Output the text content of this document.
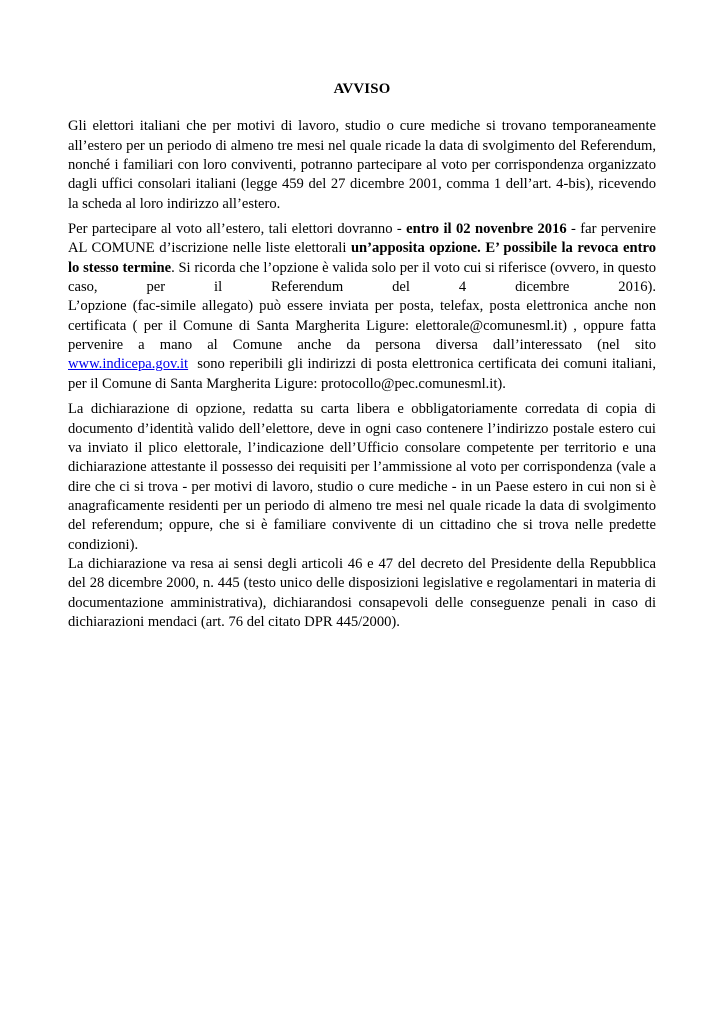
AVVISO

Gli elettori italiani che per motivi di lavoro, studio o cure mediche si trovano temporaneamente all’estero per un periodo di almeno tre mesi nel quale ricade la data di svolgimento del Referendum, nonché i familiari con loro conviventi, potranno partecipare al voto per corrispondenza organizzato dagli uffici consolari italiani (legge 459 del 27 dicembre 2001, comma 1 dell’art. 4-bis), ricevendo la scheda al loro indirizzo all’estero.

Per partecipare al voto all’estero, tali elettori dovranno - entro il 02 novenbre 2016 - far pervenire AL COMUNE d’iscrizione nelle liste elettorali un’apposita opzione. E’ possibile la revoca entro lo stesso termine. Si ricorda che l’opzione è valida solo per il voto cui si riferisce (ovvero, in questo caso, per il Referendum del 4 dicembre 2016).

L’opzione (fac-simile allegato) può essere inviata per posta, telefax, posta elettronica anche non certificata ( per il Comune di Santa Margherita Ligure: elettorale@comunesml.it) , oppure fatta pervenire a mano al Comune anche da persona diversa dall’interessato (nel sito www.indicepa.gov.it  sono reperibili gli indirizzi di posta elettronica certificata dei comuni italiani, per il Comune di Santa Margherita Ligure: protocollo@pec.comunesml.it).

La dichiarazione di opzione, redatta su carta libera e obbligatoriamente corredata di copia di documento d’identità valido dell’elettore, deve in ogni caso contenere l’indirizzo postale estero cui va inviato il plico elettorale, l’indicazione dell’Ufficio consolare competente per territorio e una dichiarazione attestante il possesso dei requisiti per l’ammissione al voto per corrispondenza (vale a dire che ci si trova - per motivi di lavoro, studio o cure mediche - in un Paese estero in cui non si è anagraficamente residenti per un periodo di almeno tre mesi nel quale ricade la data di svolgimento del referendum; oppure, che si è familiare convivente di un cittadino che si trova nelle predette condizioni).

La dichiarazione va resa ai sensi degli articoli 46 e 47 del decreto del Presidente della Repubblica del 28 dicembre 2000, n. 445 (testo unico delle disposizioni legislative e regolamentari in materia di documentazione amministrativa), dichiarandosi consapevoli delle conseguenze penali in caso di dichiarazioni mendaci (art. 76 del citato DPR 445/2000).
